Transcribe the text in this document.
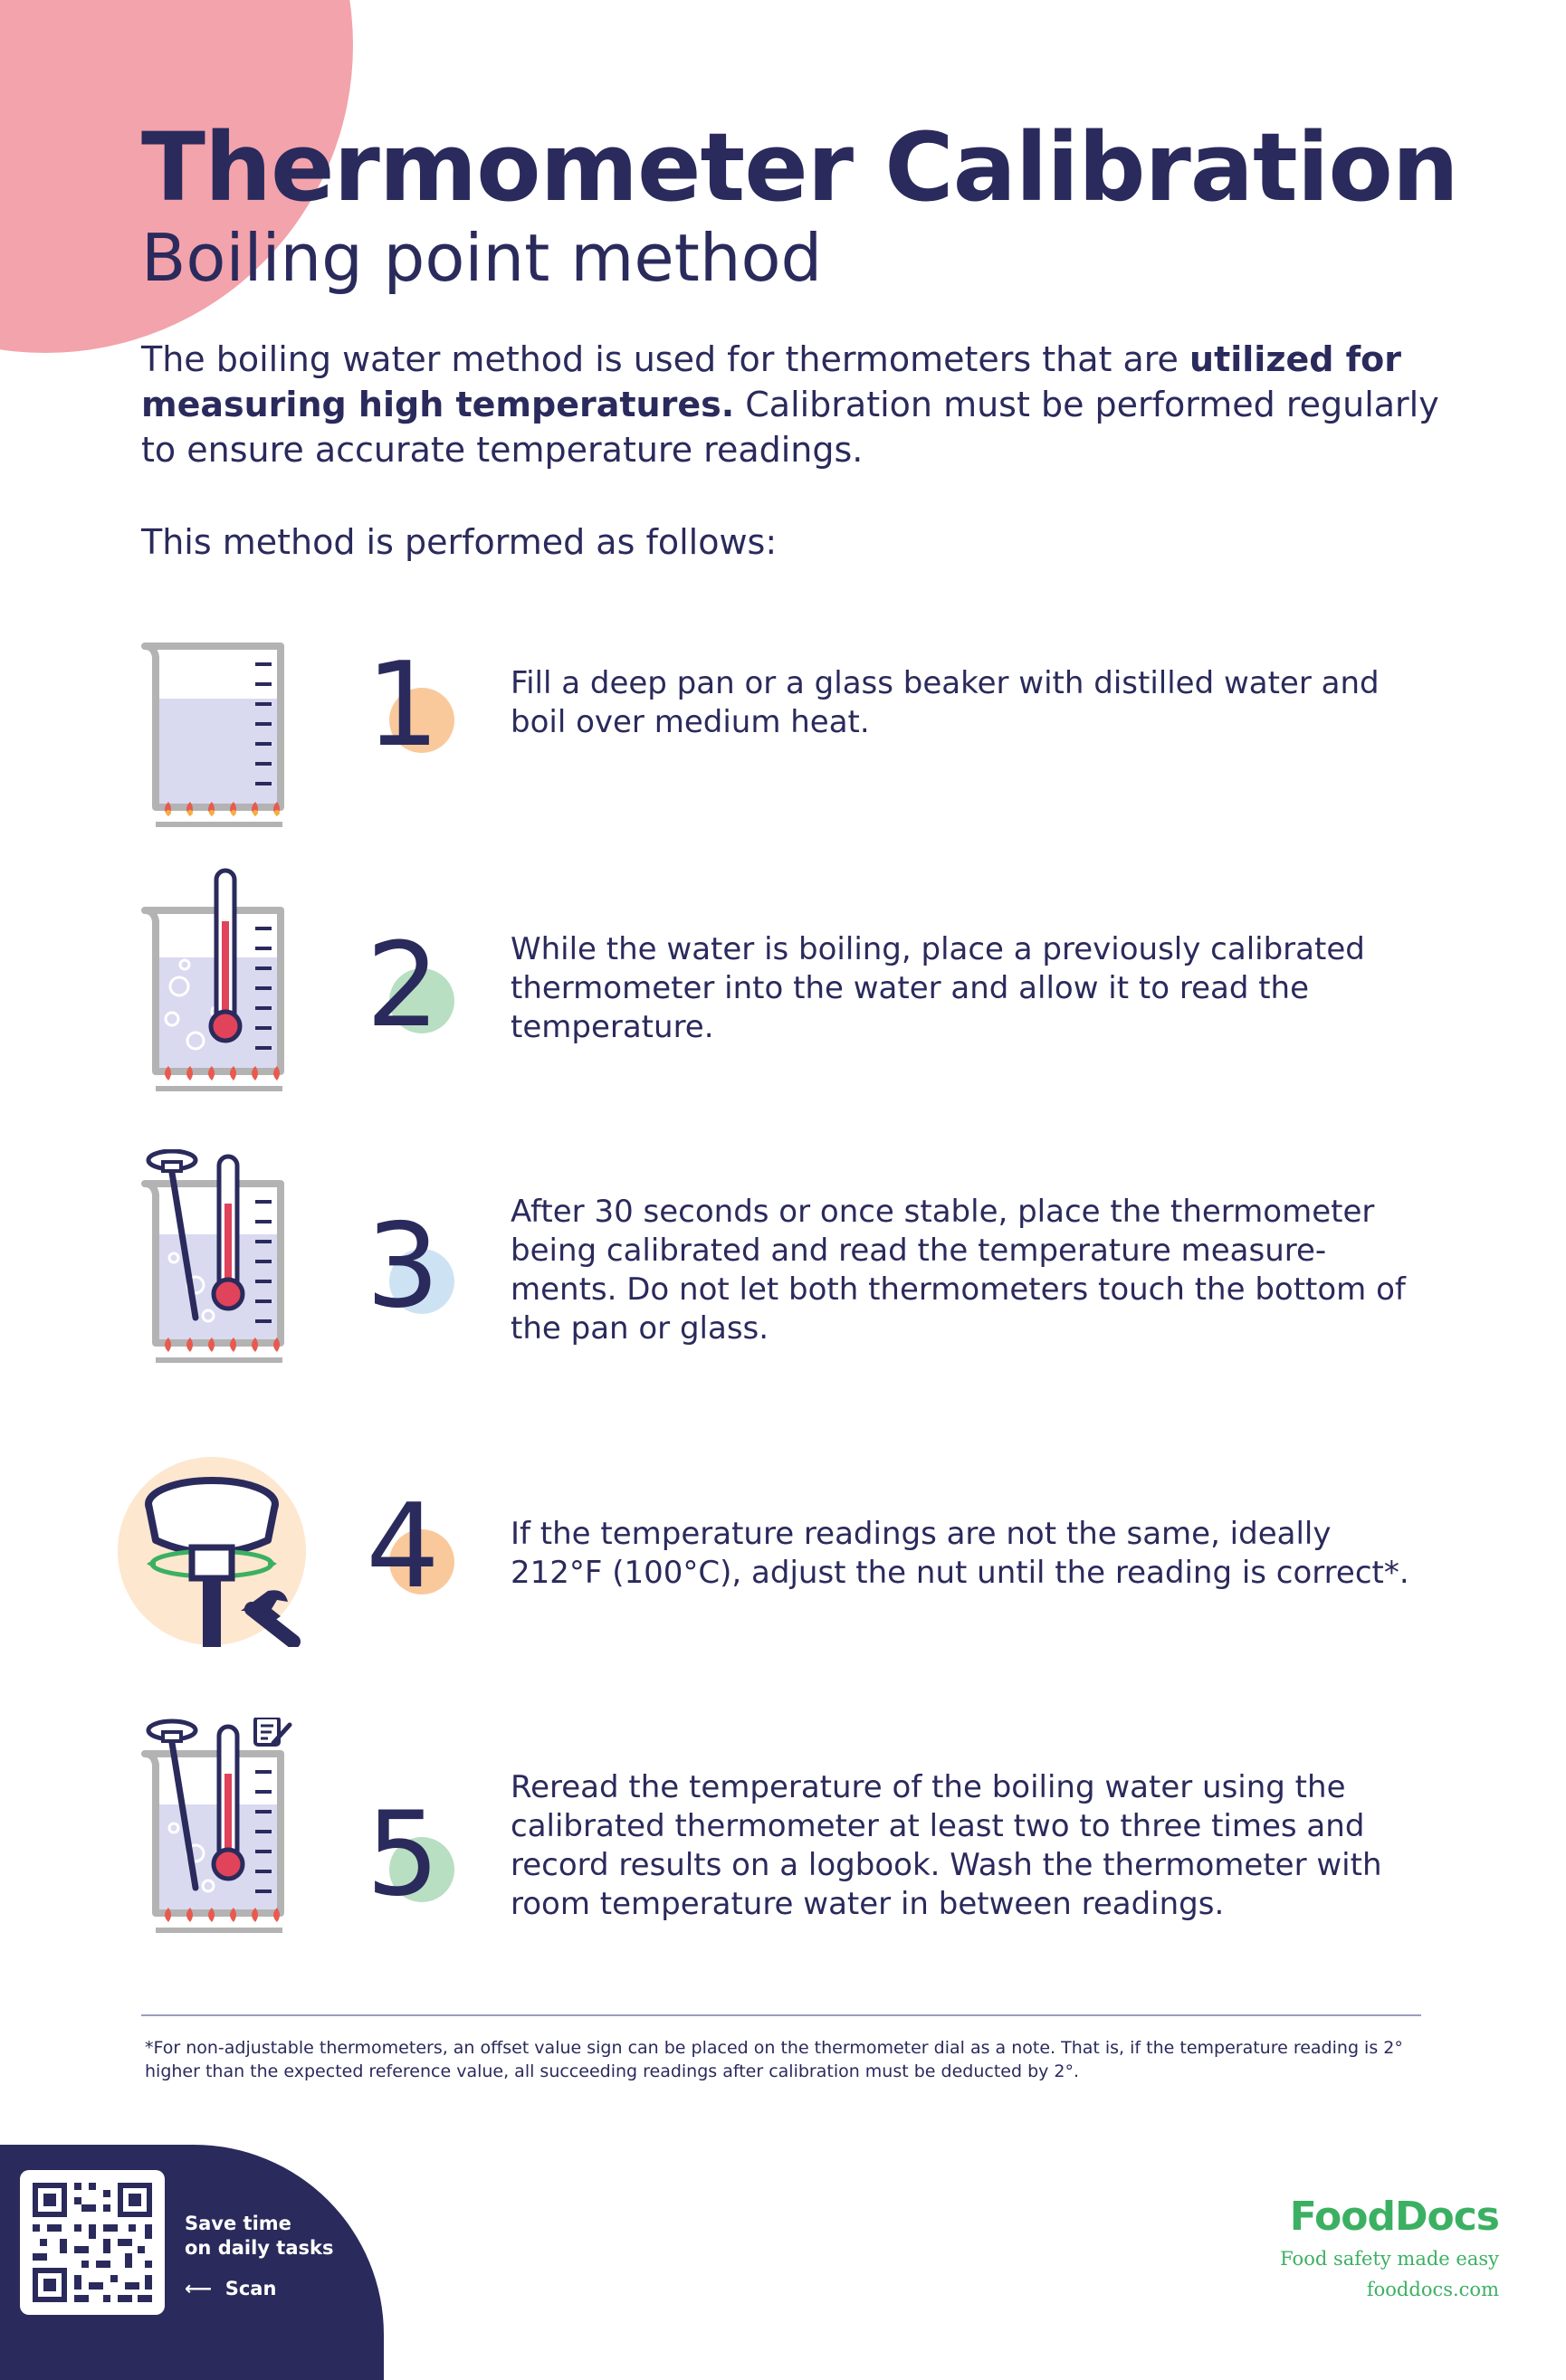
Thermometer Calibration
Boiling point method

The boiling water method is used for thermometers that are utilized for measuring high temperatures. Calibration must be performed regularly to ensure accurate temperature readings.

This method is performed as follows:

1	Fill a deep pan or a glass beaker with distilled water and boil over medium heat.

2	While the water is boiling, place a previously calibrated thermometer into the water and allow it to read the temperature.

3	After 30 seconds or once stable, place the thermometer being calibrated and read the temperature measure-ments. Do not let both thermometers touch the bottom of the pan or glass.

4	If the temperature readings are not the same, ideally 212°F (100°C), adjust the nut until the reading is correct*.

5	Reread the temperature of the boiling water using the calibrated thermometer at least two to three times and record results on a logbook. Wash the thermometer with room temperature water in between readings.

*For non-adjustable thermometers, an offset value sign can be placed on the thermometer dial as a note. That is, if the temperature reading is 2° higher than the expected reference value, all succeeding readings after calibration must be deducted by 2°.

Save time
on daily tasks

⟵ Scan
FoodDocs
Food safety made easy
fooddocs.com
